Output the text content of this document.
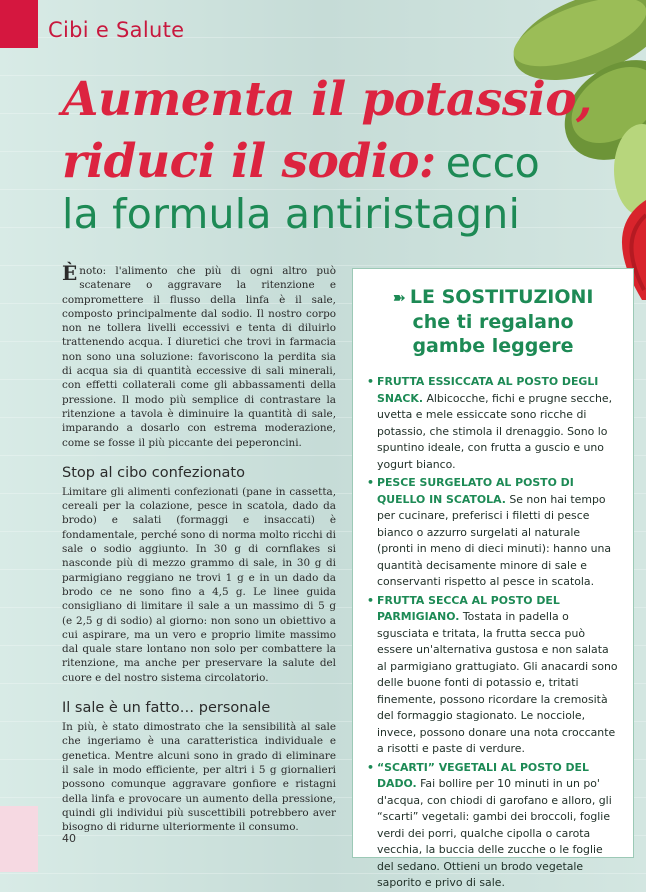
Cibi e Salute
Aumenta il potassio,
riduci il sodio: ecco
la formula antiristagni

Ènoto: l'alimento che più di ogni altro può scatenare o aggravare la ritenzione e compromettere il flusso della linfa è il sale, composto principalmente dal sodio. Il nostro corpo non ne tollera livelli eccessivi e tenta di diluirlo trattenendo acqua. I diuretici che trovi in farmacia non sono una soluzione: favoriscono la perdita sia di acqua sia di quantità eccessive di sali minerali, con effetti collaterali come gli abbassamenti della pressione. Il modo più semplice di contrastare la ritenzione a tavola è diminuire la quantità di sale, imparando a dosarlo con estrema moderazione, come se fosse il più piccante dei peperoncini.

Stop al cibo confezionato

Limitare gli alimenti confezionati (pane in cassetta, cereali per la colazione, pesce in scatola, dado da brodo) e salati (formaggi e insaccati) è fondamentale, perché sono di norma molto ricchi di sale o sodio aggiunto. In 30 g di cornflakes si nasconde più di mezzo grammo di sale, in 30 g di parmigiano reggiano ne trovi 1 g e in un dado da brodo ce ne sono fino a 4,5 g. Le linee guida consigliano di limitare il sale a un massimo di 5 g (e 2,5 g di sodio) al giorno: non sono un obiettivo a cui aspirare, ma un vero e proprio limite massimo dal quale stare lontano non solo per combattere la ritenzione, ma anche per preservare la salute del cuore e del nostro sistema circolatorio.

Il sale è un fatto… personale

In più, è stato dimostrato che la sensibilità al sale che ingeriamo è una caratteristica individuale e genetica. Mentre alcuni sono in grado di eliminare il sale in modo efficiente, per altri i 5 g giornalieri possono comunque aggravare gonfiore e ristagni della linfa e provocare un aumento della pressione, quindi gli individui più suscettibili potrebbero aver bisogno di ridurne ulteriormente il consumo.

➽ LE SOSTITUZIONI
che ti regalano
gambe leggere
• FRUTTA ESSICCATA AL POSTO DEGLI SNACK. Albicocche, fichi e prugne secche, uvetta e mele essiccate sono ricche di potassio, che stimola il drenaggio. Sono lo spuntino ideale, con frutta a guscio e uno yogurt bianco.
• PESCE SURGELATO AL POSTO DI QUELLO IN SCATOLA. Se non hai tempo per cucinare, preferisci i filetti di pesce bianco o azzurro surgelati al naturale (pronti in meno di dieci minuti): hanno una quantità decisamente minore di sale e conservanti rispetto al pesce in scatola.
• FRUTTA SECCA AL POSTO DEL PARMIGIANO. Tostata in padella o sgusciata e tritata, la frutta secca può essere un'alternativa gustosa e non salata al parmigiano grattugiato. Gli anacardi sono delle buone fonti di potassio e, tritati finemente, possono ricordare la cremosità del formaggio stagionato. Le nocciole, invece, possono donare una nota croccante a risotti e paste di verdure.
• “SCARTI” VEGETALI AL POSTO DEL DADO. Fai bollire per 10 minuti in un po' d'acqua, con chiodi di garofano e alloro, gli “scarti” vegetali: gambi dei broccoli, foglie verdi dei porri, qualche cipolla o carota vecchia, la buccia delle zucche o le foglie del sedano. Ottieni un brodo vegetale saporito e privo di sale.
40
